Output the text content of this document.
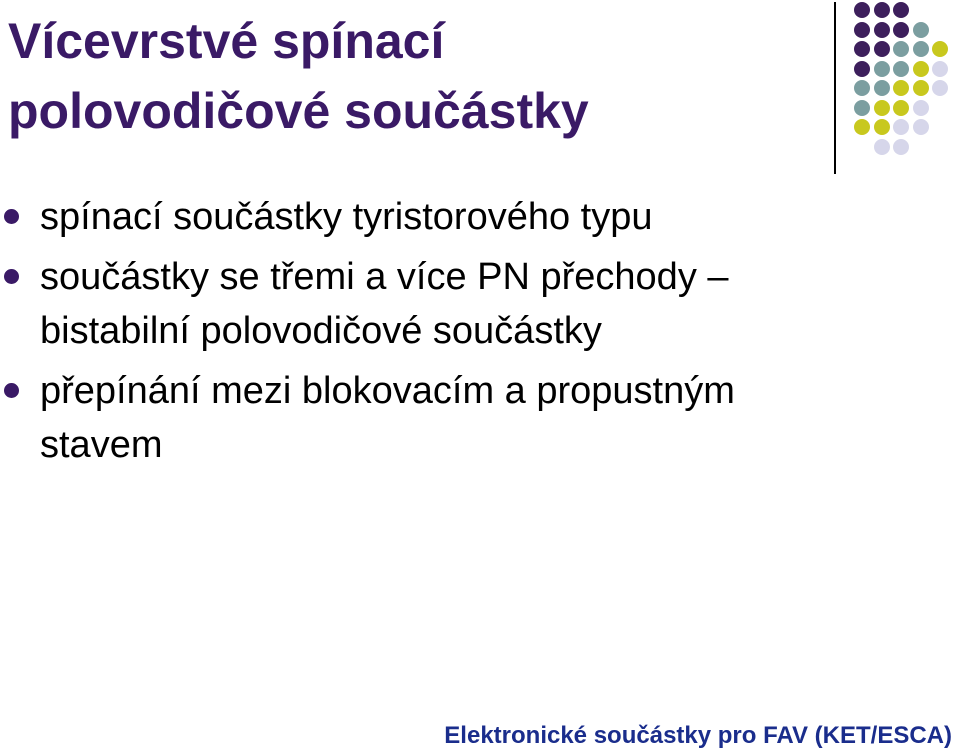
Vícevrstvé spínací
polovodičové součástky
spínací součástky tyristorového typu
součástky se třemi a více PN přechody –
bistabilní polovodičové součástky
přepínání mezi blokovacím a propustným
stavem
Elektronické součástky pro FAV (KET/ESCA)
